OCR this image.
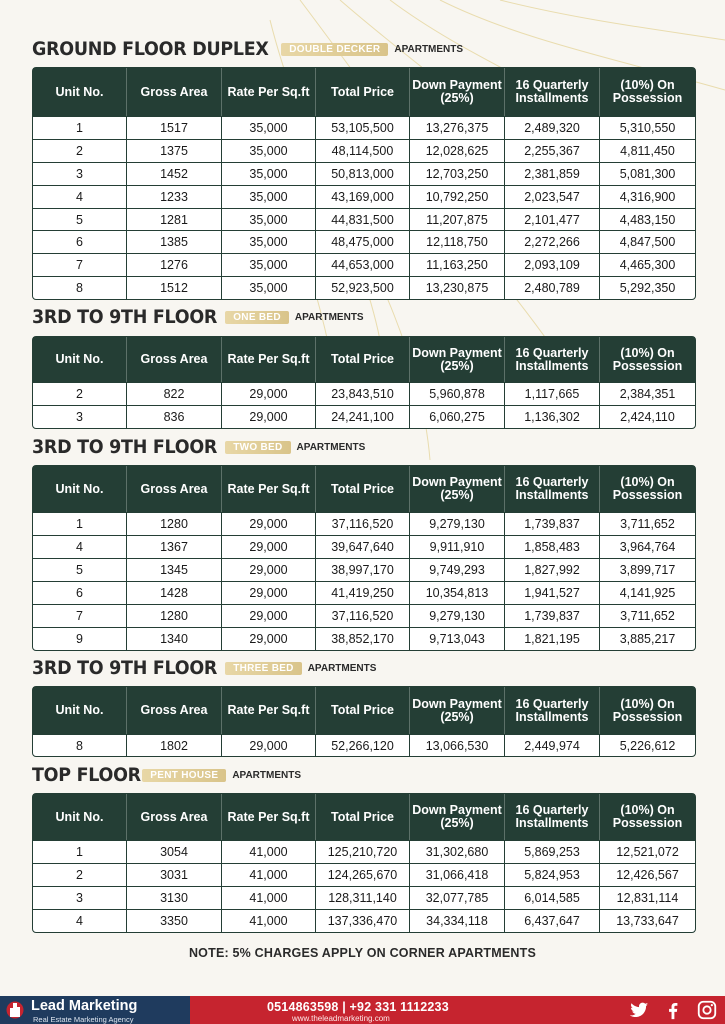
GROUND FLOOR DUPLEX	DOUBLE DECKER	APARTMENTS
Unit No.	Gross Area	Rate Per Sq.ft	Total Price	Down Payment (25%)	16 Quarterly Installments	(10%) On Possession
1	1517	35,000	53,105,500	13,276,375	2,489,320	5,310,550
2	1375	35,000	48,114,500	12,028,625	2,255,367	4,811,450
3	1452	35,000	50,813,000	12,703,250	2,381,859	5,081,300
4	1233	35,000	43,169,000	10,792,250	2,023,547	4,316,900
5	1281	35,000	44,831,500	11,207,875	2,101,477	4,483,150
6	1385	35,000	48,475,000	12,118,750	2,272,266	4,847,500
7	1276	35,000	44,653,000	11,163,250	2,093,109	4,465,300
8	1512	35,000	52,923,500	13,230,875	2,480,789	5,292,350
3RD TO 9TH FLOOR	ONE BED	APARTMENTS
Unit No.	Gross Area	Rate Per Sq.ft	Total Price	Down Payment (25%)	16 Quarterly Installments	(10%) On Possession
2	822	29,000	23,843,510	5,960,878	1,117,665	2,384,351
3	836	29,000	24,241,100	6,060,275	1,136,302	2,424,110
3RD TO 9TH FLOOR	TWO BED	APARTMENTS
Unit No.	Gross Area	Rate Per Sq.ft	Total Price	Down Payment (25%)	16 Quarterly Installments	(10%) On Possession
1	1280	29,000	37,116,520	9,279,130	1,739,837	3,711,652
4	1367	29,000	39,647,640	9,911,910	1,858,483	3,964,764
5	1345	29,000	38,997,170	9,749,293	1,827,992	3,899,717
6	1428	29,000	41,419,250	10,354,813	1,941,527	4,141,925
7	1280	29,000	37,116,520	9,279,130	1,739,837	3,711,652
9	1340	29,000	38,852,170	9,713,043	1,821,195	3,885,217
3RD TO 9TH FLOOR	THREE BED	APARTMENTS
Unit No.	Gross Area	Rate Per Sq.ft	Total Price	Down Payment (25%)	16 Quarterly Installments	(10%) On Possession
8	1802	29,000	52,266,120	13,066,530	2,449,974	5,226,612
TOP FLOOR PENT HOUSE	APARTMENTS
Unit No.	Gross Area	Rate Per Sq.ft	Total Price	Down Payment (25%)	16 Quarterly Installments	(10%) On Possession
1	3054	41,000	125,210,720	31,302,680	5,869,253	12,521,072
2	3031	41,000	124,265,670	31,066,418	5,824,953	12,426,567
3	3130	41,000	128,311,140	32,077,785	6,014,585	12,831,114
4	3350	41,000	137,336,470	34,334,118	6,437,647	13,733,647
NOTE: 5% CHARGES APPLY ON CORNER APARTMENTS
Lead Marketing
Real Estate Marketing Agency
0514863598 | +92 331 1112233
www.theleadmarketing.com
